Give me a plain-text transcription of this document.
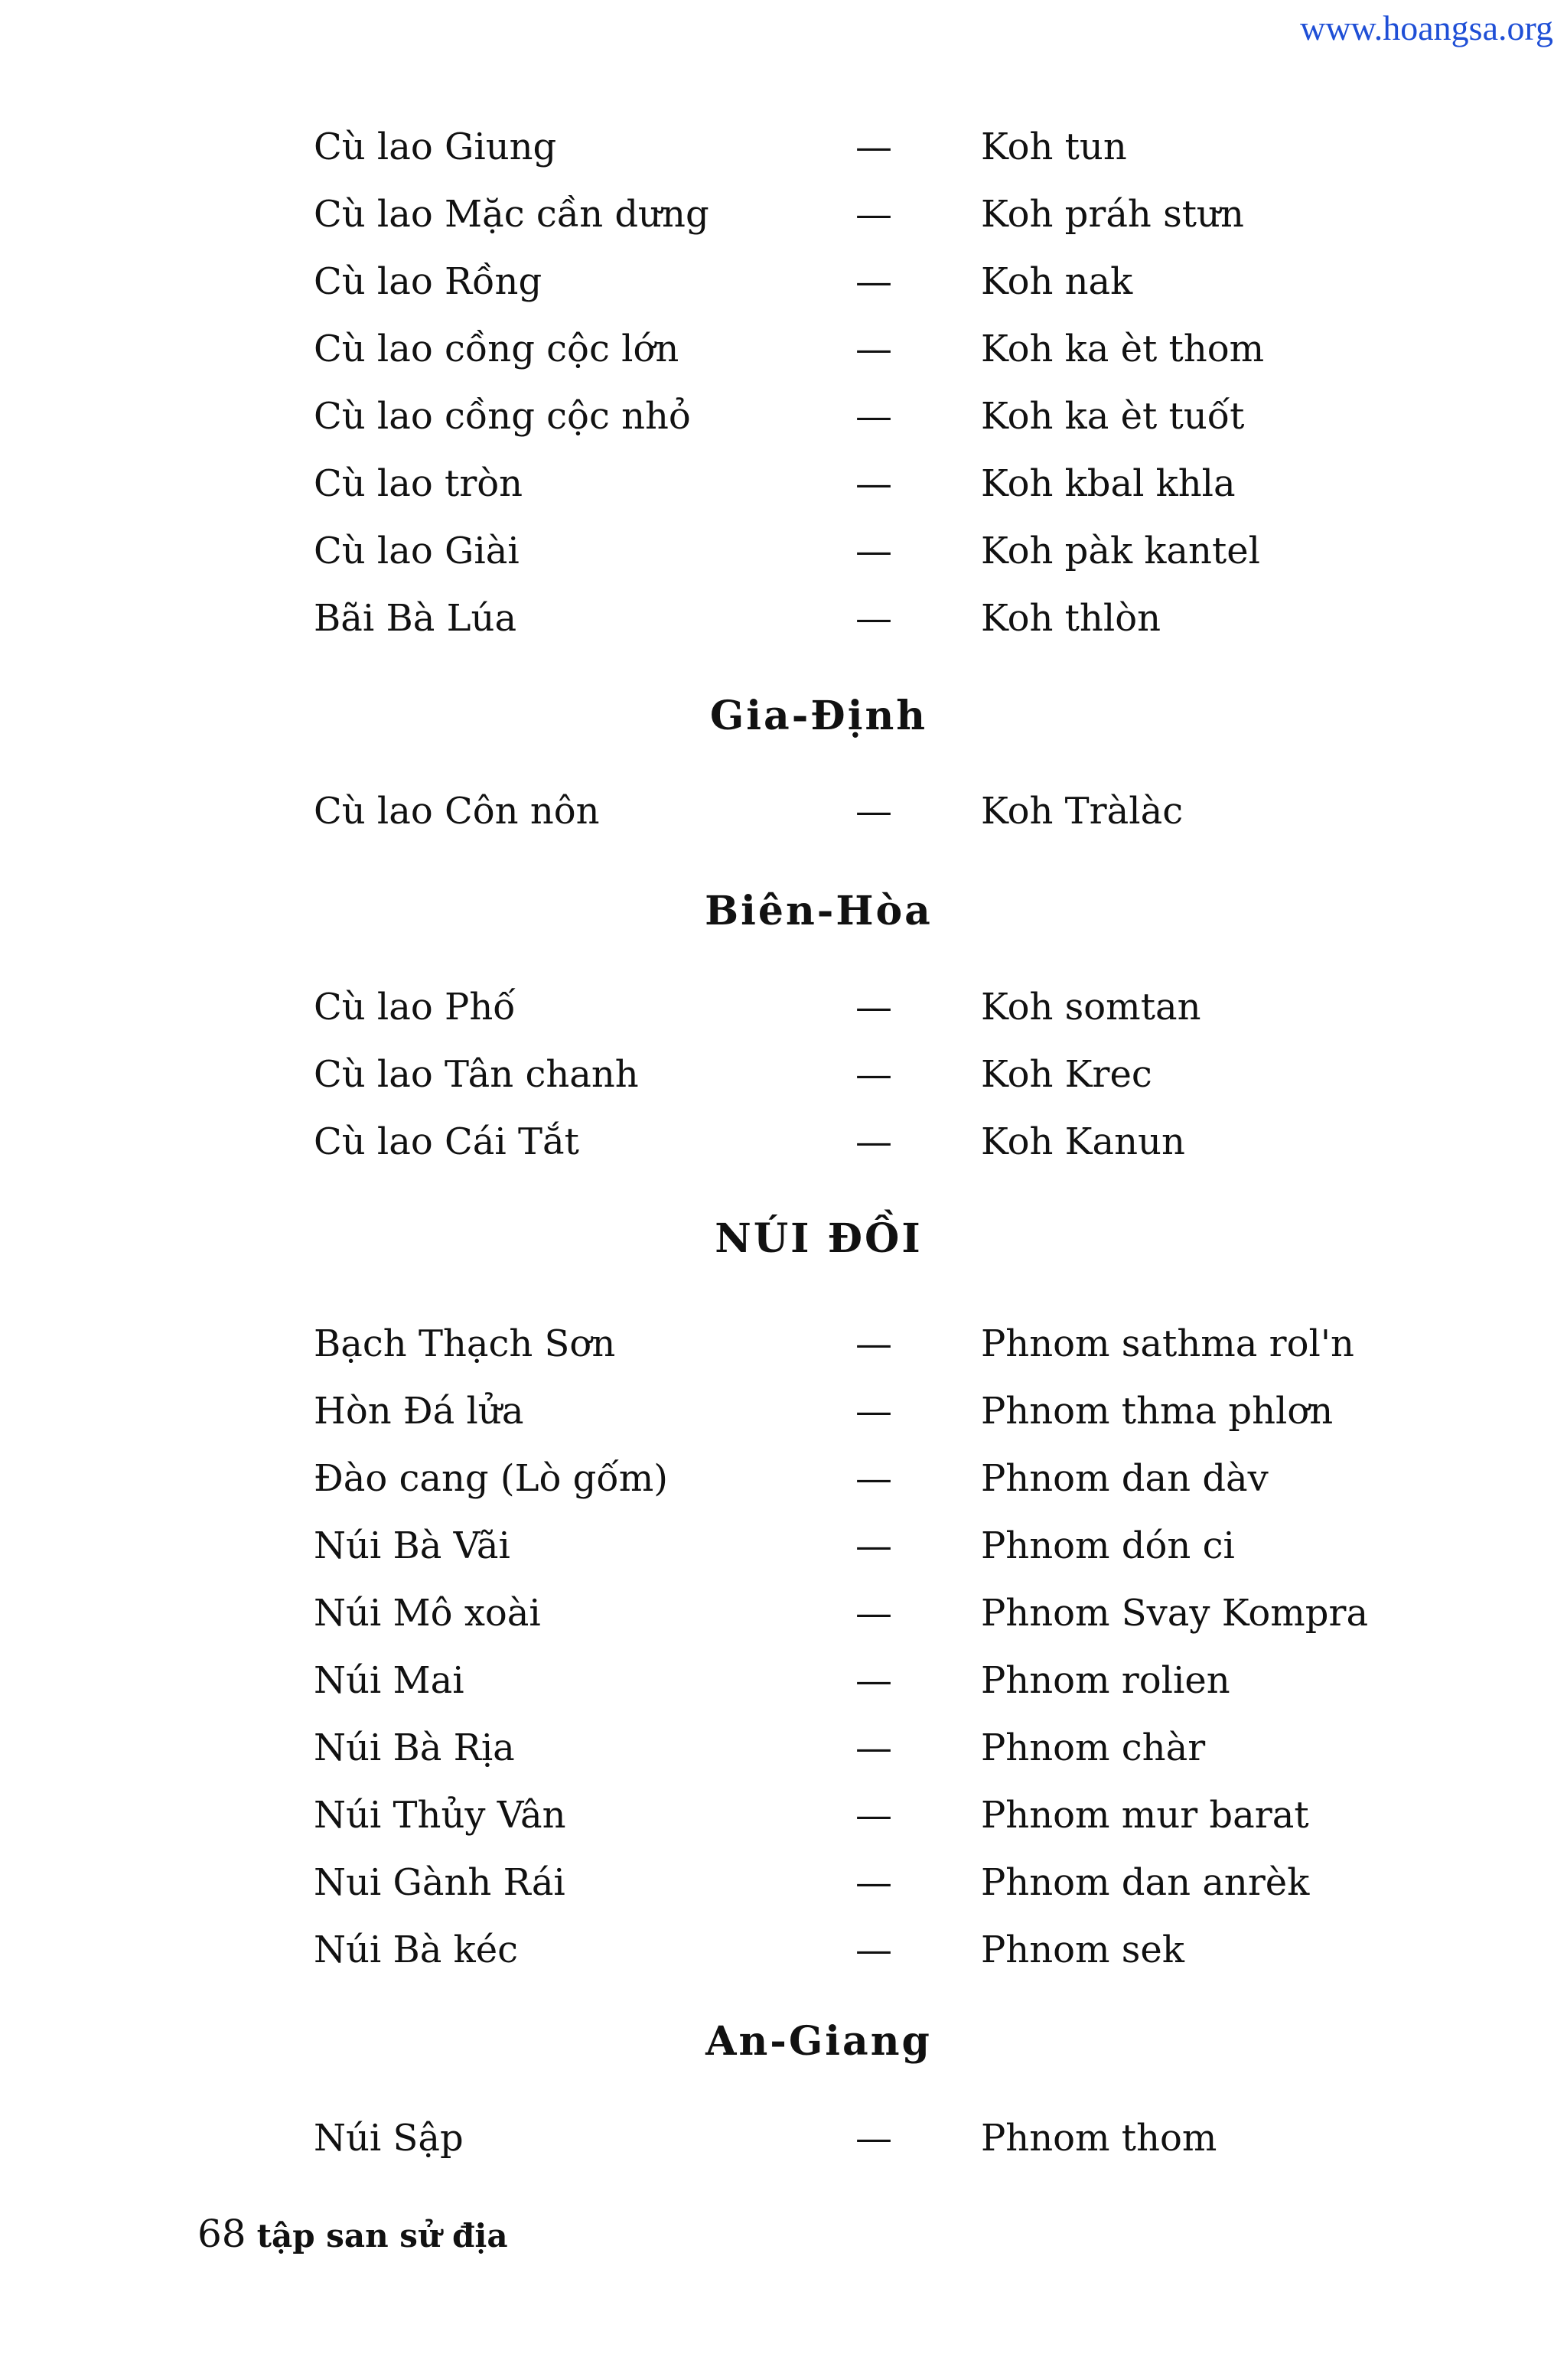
www.hoangsa.org
Cù lao Giung	— Koh tun
Cù lao Mặc cần dưng	— Koh práh stưn
Cù lao Rồng	— Koh nak
Cù lao cồng cộc lớn	— Koh ka èt thom
Cù lao cồng cộc nhỏ	— Koh ka èt tuốt
Cù lao tròn	— Koh kbal khla
Cù lao Giài	— Koh pàk kantel
Bãi Bà Lúa	— Koh thlòn
Gia-Định
Cù lao Côn nôn	— Koh Tràlàc
Biên-Hòa
Cù lao Phố	— Koh somtan
Cù lao Tân chanh	— Koh Krec
Cù lao Cái Tắt	— Koh Kanun
NÚI ĐỒI
Bạch Thạch Sơn	— Phnom sathma rol'n
Hòn Đá lửa	— Phnom thma phlơn
Đào cang (Lò gốm)	— Phnom dan dàv
Núi Bà Vãi	— Phnom dón ci
Núi Mô xoài	— Phnom Svay Kompra
Núi Mai	— Phnom rolien
Núi Bà Rịa	— Phnom chàr
Núi Thủy Vân	— Phnom mur barat
Nui Gành Rái	— Phnom dan anrèk
Núi Bà kéc	— Phnom sek
An-Giang
Núi Sập	— Phnom thom
68 tập san sử địa
